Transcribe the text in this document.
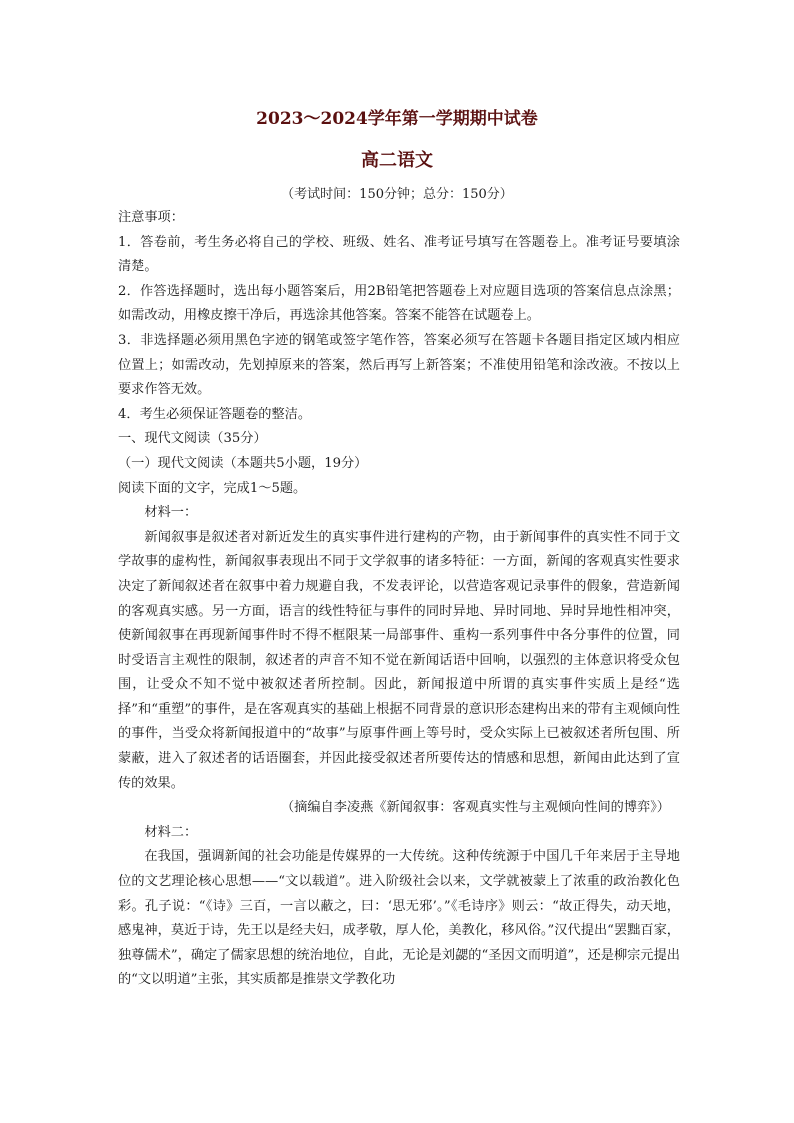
2023～2024学年第一学期期中试卷
高二语文
（考试时间：150分钟；总分：150分）

注意事项：

1．答卷前，考生务必将自己的学校、班级、姓名、准考证号填写在答题卷上。准考证号要填涂清楚。

2．作答选择题时，选出每小题答案后，用2B铅笔把答题卷上对应题目选项的答案信息点涂黑；如需改动，用橡皮擦干净后，再选涂其他答案。答案不能答在试题卷上。

3．非选择题必须用黑色字迹的钢笔或签字笔作答，答案必须写在答题卡各题目指定区域内相应位置上；如需改动，先划掉原来的答案，然后再写上新答案；不准使用铅笔和涂改液。不按以上要求作答无效。

4．考生必须保证答题卷的整洁。

一、现代文阅读（35分）

（一）现代文阅读（本题共5小题，19分）

阅读下面的文字，完成1～5题。

材料一：

新闻叙事是叙述者对新近发生的真实事件进行建构的产物，由于新闻事件的真实性不同于文学故事的虚构性，新闻叙事表现出不同于文学叙事的诸多特征：一方面，新闻的客观真实性要求决定了新闻叙述者在叙事中着力规避自我，不发表评论，以营造客观记录事件的假象，营造新闻的客观真实感。另一方面，语言的线性特征与事件的同时异地、异时同地、异时异地性相冲突，使新闻叙事在再现新闻事件时不得不框限某一局部事件、重构一系列事件中各分事件的位置，同时受语言主观性的限制，叙述者的声音不知不觉在新闻话语中回响，以强烈的主体意识将受众包围，让受众不知不觉中被叙述者所控制。因此，新闻报道中所谓的真实事件实质上是经“选择”和“重塑”的事件，是在客观真实的基础上根据不同背景的意识形态建构出来的带有主观倾向性的事件，当受众将新闻报道中的“故事”与原事件画上等号时，受众实际上已被叙述者所包围、所蒙蔽，进入了叙述者的话语圈套，并因此接受叙述者所要传达的情感和思想，新闻由此达到了宣传的效果。

（摘编自李凌燕《新闻叙事：客观真实性与主观倾向性间的博弈》）

材料二：

在我国，强调新闻的社会功能是传媒界的一大传统。这种传统源于中国几千年来居于主导地位的文艺理论核心思想——“文以载道”。进入阶级社会以来，文学就被蒙上了浓重的政治教化色彩。孔子说：“《诗》三百，一言以蔽之，曰：‘思无邪’。”《毛诗序》则云：“故正得失，动天地，感鬼神，莫近于诗，先王以是经夫妇，成孝敬，厚人伦，美教化，移风俗。”汉代提出“罢黜百家，独尊儒术”，确定了儒家思想的统治地位，自此，无论是刘勰的“圣因文而明道”，还是柳宗元提出的“文以明道”主张，其实质都是推崇文学教化功
